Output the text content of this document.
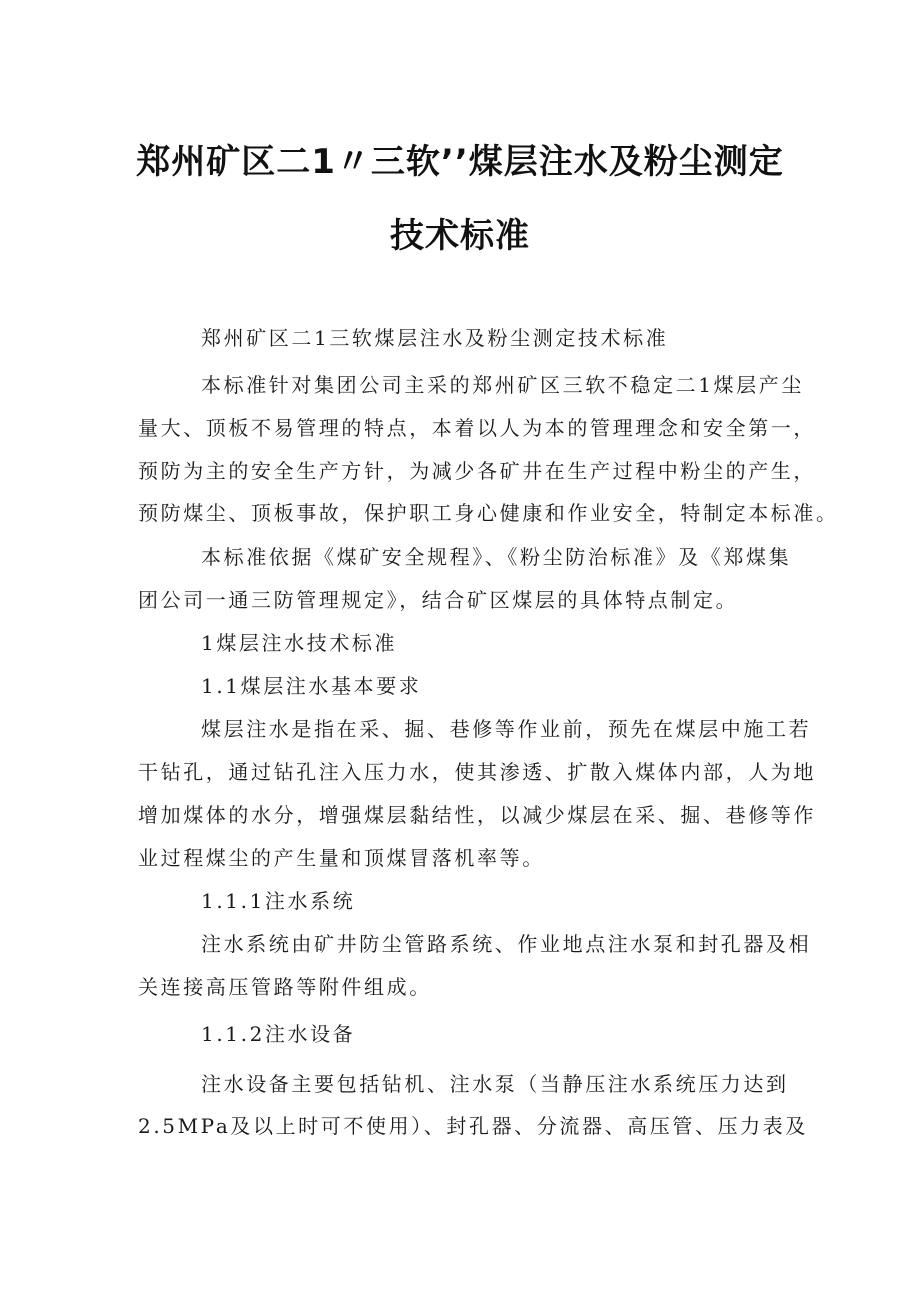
郑州矿区二1〃三软’’煤层注水及粉尘测定
技术标准
郑州矿区二1三软煤层注水及粉尘测定技术标准
本标准针对集团公司主采的郑州矿区三软不稳定二1煤层产尘
量大、顶板不易管理的特点，本着以人为本的管理理念和安全第一，
预防为主的安全生产方针，为减少各矿井在生产过程中粉尘的产生，
预防煤尘、顶板事故，保护职工身心健康和作业安全，特制定本标准。
本标准依据《煤矿安全规程》、《粉尘防治标准》及《郑煤集
团公司一通三防管理规定》，结合矿区煤层的具体特点制定。
1煤层注水技术标准
1.1煤层注水基本要求
煤层注水是指在采、掘、巷修等作业前，预先在煤层中施工若
干钻孔，通过钻孔注入压力水，使其渗透、扩散入煤体内部，人为地
增加煤体的水分，增强煤层黏结性，以减少煤层在采、掘、巷修等作
业过程煤尘的产生量和顶煤冒落机率等。
1.1.1注水系统
注水系统由矿井防尘管路系统、作业地点注水泵和封孔器及相
关连接高压管路等附件组成。
1.1.2注水设备
注水设备主要包括钻机、注水泵（当静压注水系统压力达到
2.5MPa及以上时可不使用）、封孔器、分流器、高压管、压力表及
